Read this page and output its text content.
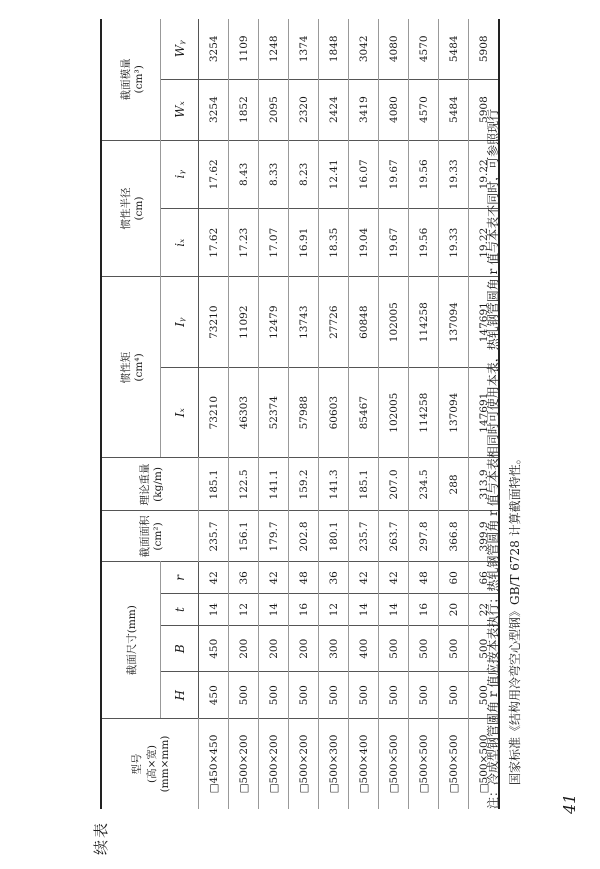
续表
型号 (高×宽) (mm×mm)	截面尺寸(mm)				截面面积 (cm²)	理论重量 (kg/m)	惯性矩 (cm⁴)		惯性半径 (cm)		截面模量 (cm³)	

	H	B	t	r			Iₓ	Iᵧ	iₓ	iᵧ	Wₓ	Wᵧ
□450×450	450	450	14	42	235.7	185.1	73210	73210	17.62	17.62	3254	3254
□500×200	500	200	12	36	156.1	122.5	46303	11092	17.23	8.43	1852	1109
□500×200	500	200	14	42	179.7	141.1	52374	12479	17.07	8.33	2095	1248
□500×200	500	200	16	48	202.8	159.2	57988	13743	16.91	8.23	2320	1374
□500×300	500	300	12	36	180.1	141.3	60603	27726	18.35	12.41	2424	1848
□500×400	500	400	14	42	235.7	185.1	85467	60848	19.04	16.07	3419	3042
□500×500	500	500	14	42	263.7	207.0	102005	102005	19.67	19.67	4080	4080
□500×500	500	500	16	48	297.8	234.5	114258	114258	19.56	19.56	4570	4570
□500×500	500	500	20	60	366.8	288	137094	137094	19.33	19.33	5484	5484
□500×500	500	500	22	66	399.9	313.9	147691	147691	19.22	19.22	5908	5908
注：冷成型钢管圆角 r 值应按本表执行；热轧钢管圆角 r 值与本表相同时可使用本表，热轧钢管圆角 r 值与本表不同时，可参照现行 国家标准《结构用冷弯空心型钢》GB/T 6728 计算截面特性。
41
